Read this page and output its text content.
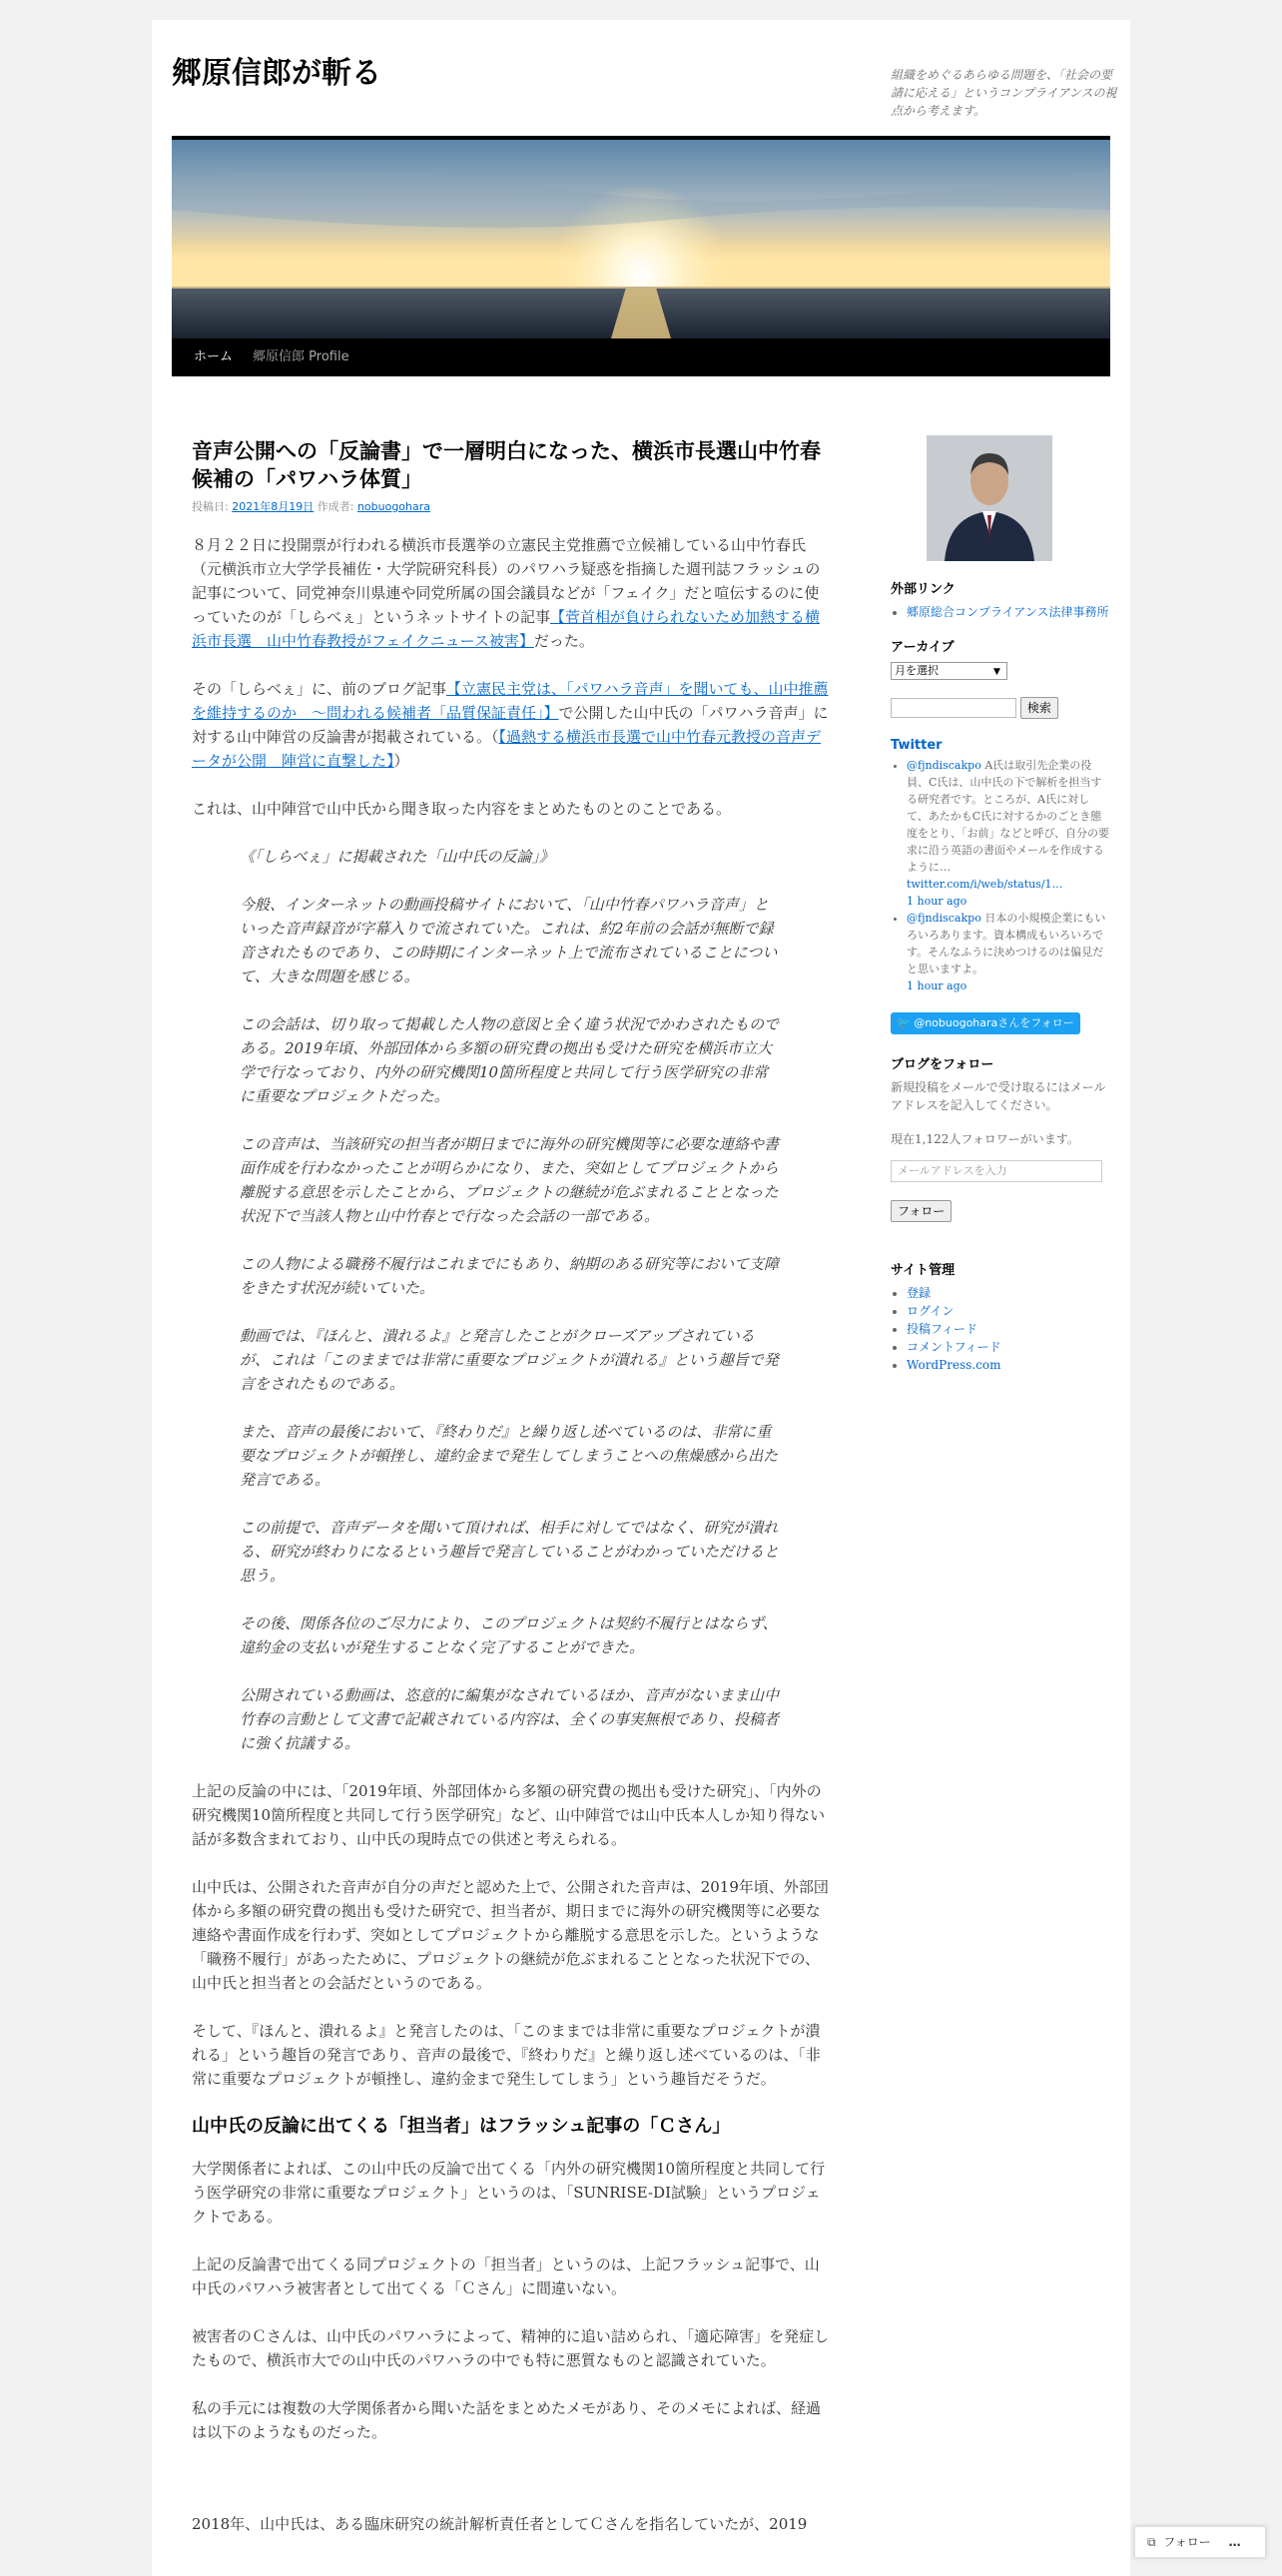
郷原信郎が斬る	組織をめぐるあらゆる問題を、「社会の要請に応える」というコンプライアンスの視点から考えます。
ホーム 郷原信郎 Profile
音声公開への「反論書」で一層明白になった、横浜市長選山中竹春候補の「パワハラ体質」
投稿日: 2021年8月19日 作成者: nobuogohara

８月２２日に投開票が行われる横浜市長選挙の立憲民主党推薦で立候補している山中竹春氏（元横浜市立大学学長補佐・大学院研究科長）のパワハラ疑惑を指摘した週刊誌フラッシュの記事について、同党神奈川県連や同党所属の国会議員などが「フェイク」だと喧伝するのに使っていたのが「しらべぇ」というネットサイトの記事【菅首相が負けられないため加熱する横浜市長選　山中竹春教授がフェイクニュース被害】だった。

その「しらべぇ」に、前のブログ記事【立憲民主党は、「パワハラ音声」を聞いても、山中推薦を維持するのか　～問われる候補者「品質保証責任」】で公開した山中氏の「パワハラ音声」に対する山中陣営の反論書が掲載されている。（【過熱する横浜市長選で山中竹春元教授の音声データが公開　陣営に直撃した】）

これは、山中陣営で山中氏から聞き取った内容をまとめたものとのことである。

《「しらべぇ」に掲載された「山中氏の反論」》

今般、インターネットの動画投稿サイトにおいて、「山中竹春パワハラ音声」といった音声録音が字幕入りで流されていた。これは、約2年前の会話が無断で録音されたものであり、この時期にインターネット上で流布されていることについて、大きな問題を感じる。

この会話は、切り取って掲載した人物の意図と全く違う状況でかわされたものである。2019年頃、外部団体から多額の研究費の拠出も受けた研究を横浜市立大学で行なっており、内外の研究機関10箇所程度と共同して行う医学研究の非常に重要なプロジェクトだった。

この音声は、当該研究の担当者が期日までに海外の研究機関等に必要な連絡や書面作成を行わなかったことが明らかになり、また、突如としてプロジェクトから離脱する意思を示したことから、プロジェクトの継続が危ぶまれることとなった状況下で当該人物と山中竹春とで行なった会話の一部である。

この人物による職務不履行はこれまでにもあり、納期のある研究等において支障をきたす状況が続いていた。

動画では、『ほんと、潰れるよ』と発言したことがクローズアップされているが、これは「このままでは非常に重要なプロジェクトが潰れる』という趣旨で発言をされたものである。

また、音声の最後において、『終わりだ』と繰り返し述べているのは、非常に重要なプロジェクトが頓挫し、違約金まで発生してしまうことへの焦燥感から出た発言である。

この前提で、音声データを聞いて頂ければ、相手に対してではなく、研究が潰れる、研究が終わりになるという趣旨で発言していることがわかっていただけると思う。

その後、関係各位のご尽力により、このプロジェクトは契約不履行とはならず、違約金の支払いが発生することなく完了することができた。

公開されている動画は、恣意的に編集がなされているほか、音声がないまま山中竹春の言動として文書で記載されている内容は、全くの事実無根であり、投稿者に強く抗議する。

上記の反論の中には、「2019年頃、外部団体から多額の研究費の拠出も受けた研究」、「内外の研究機関10箇所程度と共同して行う医学研究」など、山中陣営では山中氏本人しか知り得ない話が多数含まれており、山中氏の現時点での供述と考えられる。

山中氏は、公開された音声が自分の声だと認めた上で、公開された音声は、2019年頃、外部団体から多額の研究費の拠出も受けた研究で、担当者が、期日までに海外の研究機関等に必要な連絡や書面作成を行わず、突如としてプロジェクトから離脱する意思を示した。というような「職務不履行」があったために、プロジェクトの継続が危ぶまれることとなった状況下での、山中氏と担当者との会話だというのである。

そして、『ほんと、潰れるよ』と発言したのは、「このままでは非常に重要なプロジェクトが潰れる」という趣旨の発言であり、音声の最後で、『終わりだ』と繰り返し述べているのは、「非常に重要なプロジェクトが頓挫し、違約金まで発生してしまう」という趣旨だそうだ。

山中氏の反論に出てくる「担当者」はフラッシュ記事の「Ｃさん」

大学関係者によれば、この山中氏の反論で出てくる「内外の研究機関10箇所程度と共同して行う医学研究の非常に重要なプロジェクト」というのは、「SUNRISE-DI試験」というプロジェクトである。

上記の反論書で出てくる同プロジェクトの「担当者」というのは、上記フラッシュ記事で、山中氏のパワハラ被害者として出てくる「Ｃさん」に間違いない。

被害者のＣさんは、山中氏のパワハラによって、精神的に追い詰められ、「適応障害」を発症したもので、横浜市大での山中氏のパワハラの中でも特に悪質なものと認識されていた。

私の手元には複数の大学関係者から聞いた話をまとめたメモがあり、そのメモによれば、経過は以下のようなものだった。

2018年、山中氏は、ある臨床研究の統計解析責任者としてＣさんを指名していたが、2019

外部リンク
• 郷原総合コンプライアンス法律事務所
アーカイブ
月を選択	▼
検索
Twitter
• @fjndiscakpo A氏は取引先企業の役員、C氏は、山中氏の下で解析を担当する研究者です。ところが、A氏に対して、あたかもC氏に対するかのごとき態度をとり、「お前」などと呼び、自分の要求に沿う英語の書面やメールを作成するように…
twitter.com/i/web/status/1…
1 hour ago
• @fjndiscakpo 日本の小規模企業にもいろいろあります。資本構成もいろいろです。そんなふうに決めつけるのは偏見だと思いますよ。
1 hour ago
🐦 @nobuogoharaさんをフォロー
ブログをフォロー
新規投稿をメールで受け取るにはメールアドレスを記入してください。
現在1,122人フォロワーがいます。
メールアドレスを入力
フォロー
サイト管理
• 登録
• ログイン
• 投稿フィード
• コメントフィード
• WordPress.com
⧉ フォロー …
